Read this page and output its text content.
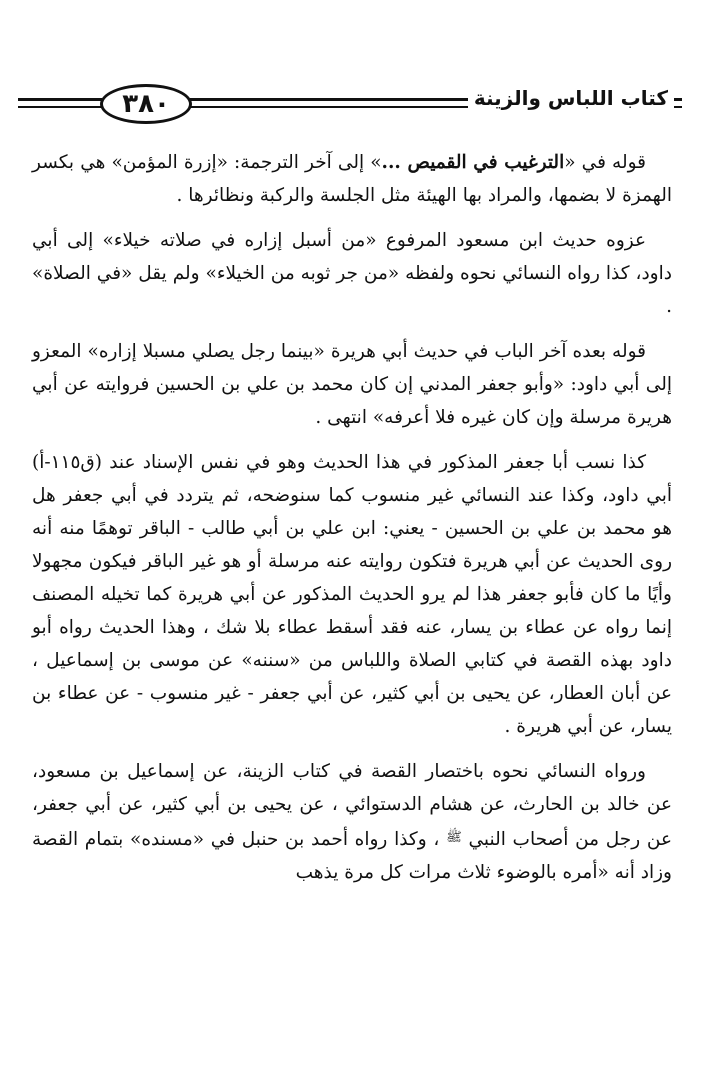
٣٨٠	كتاب اللباس والزينة

قوله في «الترغيب في القميص ...» إلى آخر الترجمة: «إزرة المؤمن» هي بكسر الهمزة لا بضمها، والمراد بها الهيئة مثل الجلسة والركبة ونظائرها .

عزوه حديث ابن مسعود المرفوع «من أسبل إزاره في صلاته خيلاء» إلى أبي داود، كذا رواه النسائي نحوه ولفظه «من جر ثوبه من الخيلاء» ولم يقل «في الصلاة» .

قوله بعده آخر الباب في حديث أبي هريرة «بينما رجل يصلي مسبلا إزاره» المعزو إلى أبي داود: «وأبو جعفر المدني إن كان محمد بن علي بن الحسين فروايته عن أبي هريرة مرسلة وإن كان غيره فلا أعرفه» انتهى .

كذا نسب أبا جعفر المذكور في هذا الحديث وهو في نفس الإسناد عند (ق١١٥-أ) أبي داود، وكذا عند النسائي غير منسوب كما سنوضحه، ثم يتردد في أبي جعفر هل هو محمد بن علي بن الحسين - يعني: ابن علي بن أبي طالب - الباقر توهمًا منه أنه روى الحديث عن أبي هريرة فتكون روايته عنه مرسلة أو هو غير الباقر فيكون مجهولا وأيًا ما كان فأبو جعفر هذا لم يرو الحديث المذكور عن أبي هريرة كما تخيله المصنف إنما رواه عن عطاء بن يسار، عنه فقد أسقط عطاء بلا شك ، وهذا الحديث رواه أبو داود بهذه القصة في كتابي الصلاة واللباس من «سننه» عن موسى بن إسماعيل ، عن أبان العطار، عن يحيى بن أبي كثير، عن أبي جعفر - غير منسوب - عن عطاء بن يسار، عن أبي هريرة .

ورواه النسائي نحوه باختصار القصة في كتاب الزينة، عن إسماعيل بن مسعود، عن خالد بن الحارث، عن هشام الدستوائي ، عن يحيى بن أبي كثير، عن أبي جعفر، عن رجل من أصحاب النبي $^ﷺ$ ، وكذا رواه أحمد بن حنبل في «مسنده» بتمام القصة وزاد أنه «أمره بالوضوء ثلاث مرات كل مرة يذهب
